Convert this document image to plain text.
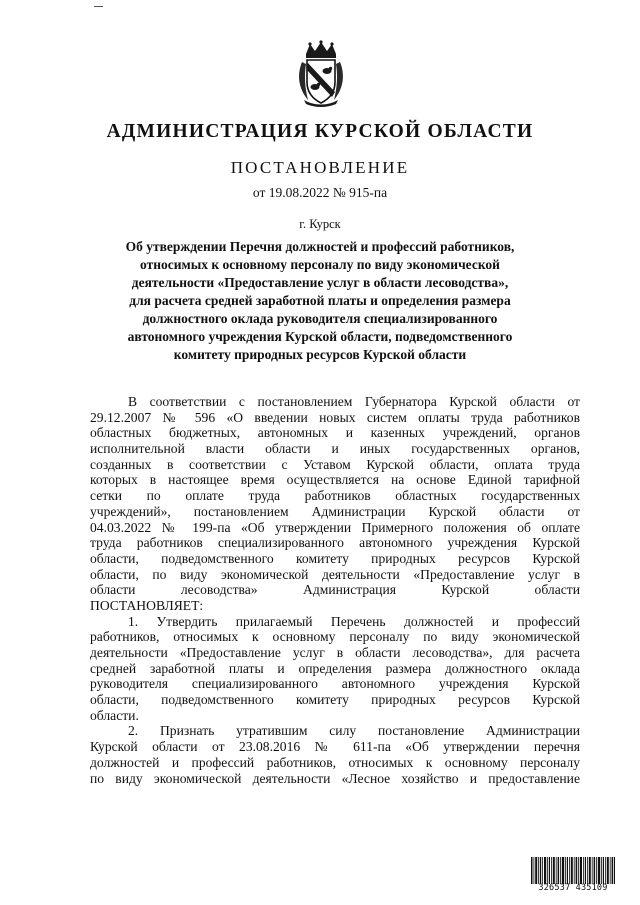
АДМИНИСТРАЦИЯ КУРСКОЙ ОБЛАСТИ
ПОСТАНОВЛЕНИЕ
от 19.08.2022 № 915-па
г. Курск
Об утверждении Перечня должностей и профессий работников,
относимых к основному персоналу по виду экономической
деятельности «Предоставление услуг в области лесоводства»,
для расчета средней заработной платы и определения размера
должностного оклада руководителя специализированного
автономного учреждения Курской области, подведомственного
комитету природных ресурсов Курской области
В соответствии с постановлением Губернатора Курской области от
29.12.2007 № 596 «О введении новых систем оплаты труда работников
областных бюджетных, автономных и казенных учреждений, органов
исполнительной власти области и иных государственных органов,
созданных в соответствии с Уставом Курской области, оплата труда
которых в настоящее время осуществляется на основе Единой тарифной
сетки по оплате труда работников областных государственных
учреждений», постановлением Администрации Курской области от
04.03.2022 № 199-па «Об утверждении Примерного положения об оплате
труда работников специализированного автономного учреждения Курской
области, подведомственного комитету природных ресурсов Курской
области, по виду экономической деятельности «Предоставление услуг в
области лесоводства» Администрация Курской области
ПОСТАНОВЛЯЕТ:
1. Утвердить прилагаемый Перечень должностей и профессий
работников, относимых к основному персоналу по виду экономической
деятельности «Предоставление услуг в области лесоводства», для расчета
средней заработной платы и определения размера должностного оклада
руководителя специализированного автономного учреждения Курской
области, подведомственного комитету природных ресурсов Курской
области.
2. Признать утратившим силу постановление Администрации
Курской области от 23.08.2016 № 611-па «Об утверждении перечня
должностей и профессий работников, относимых к основному персоналу
по виду экономической деятельности «Лесное хозяйство и предоставление
326537 435109
